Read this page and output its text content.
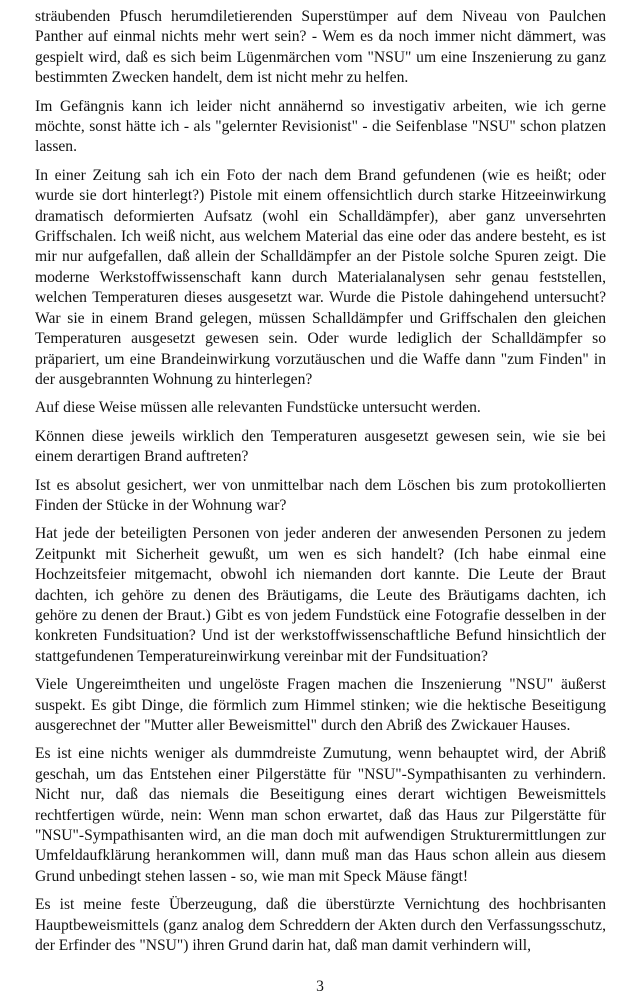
sträubenden Pfusch herumdiletierenden Superstümper auf dem Niveau von Paulchen Panther auf einmal nichts mehr wert sein? - Wem es da noch immer nicht dämmert, was gespielt wird, daß es sich beim Lügenmärchen vom "NSU" um eine Inszenierung zu ganz bestimmten Zwecken handelt, dem ist nicht mehr zu helfen.

Im Gefängnis kann ich leider nicht annähernd so investigativ arbeiten, wie ich gerne möchte, sonst hätte ich - als "gelernter Revisionist" - die Seifenblase "NSU" schon platzen lassen.

In einer Zeitung sah ich ein Foto der nach dem Brand gefundenen (wie es heißt; oder wurde sie dort hinterlegt?) Pistole mit einem offensichtlich durch starke Hitzeeinwirkung dramatisch deformierten Aufsatz (wohl ein Schalldämpfer), aber ganz unversehrten Griffschalen. Ich weiß nicht, aus welchem Material das eine oder das andere besteht, es ist mir nur aufgefallen, daß allein der Schalldämpfer an der Pistole solche Spuren zeigt. Die moderne Werkstoffwissenschaft kann durch Materialanalysen sehr genau feststellen, welchen Temperaturen dieses ausgesetzt war. Wurde die Pistole dahingehend untersucht? War sie in einem Brand gelegen, müssen Schalldämpfer und Griffschalen den gleichen Temperaturen ausgesetzt gewesen sein. Oder wurde lediglich der Schalldämpfer so präpariert, um eine Brandeinwirkung vorzutäuschen und die Waffe dann "zum Finden" in der ausgebrannten Wohnung zu hinterlegen?

Auf diese Weise müssen alle relevanten Fundstücke untersucht werden.

Können diese jeweils wirklich den Temperaturen ausgesetzt gewesen sein, wie sie bei einem derartigen Brand auftreten?

Ist es absolut gesichert, wer von unmittelbar nach dem Löschen bis zum protokollierten Finden der Stücke in der Wohnung war?

Hat jede der beteiligten Personen von jeder anderen der anwesenden Personen zu jedem Zeitpunkt mit Sicherheit gewußt, um wen es sich handelt? (Ich habe einmal eine Hochzeitsfeier mitgemacht, obwohl ich niemanden dort kannte. Die Leute der Braut dachten, ich gehöre zu denen des Bräutigams, die Leute des Bräutigams dachten, ich gehöre zu denen der Braut.) Gibt es von jedem Fundstück eine Fotografie desselben in der konkreten Fundsituation? Und ist der werkstoffwissenschaftliche Befund hinsichtlich der stattgefundenen Temperatureinwirkung vereinbar mit der Fundsituation?

Viele Ungereimtheiten und ungelöste Fragen machen die Inszenierung "NSU" äußerst suspekt. Es gibt Dinge, die förmlich zum Himmel stinken; wie die hektische Beseitigung ausgerechnet der "Mutter aller Beweismittel" durch den Abriß des Zwickauer Hauses.

Es ist eine nichts weniger als dummdreiste Zumutung, wenn behauptet wird, der Abriß geschah, um das Entstehen einer Pilgerstätte für "NSU"-Sympathisanten zu verhindern. Nicht nur, daß das niemals die Beseitigung eines derart wichtigen Beweismittels rechtfertigen würde, nein: Wenn man schon erwartet, daß das Haus zur Pilgerstätte für "NSU"-Sympathisanten wird, an die man doch mit aufwendigen Strukturermittlungen zur Umfeldaufklärung herankommen will, dann muß man das Haus schon allein aus diesem Grund unbedingt stehen lassen - so, wie man mit Speck Mäuse fängt!

Es ist meine feste Überzeugung, daß die überstürzte Vernichtung des hochbrisanten Hauptbeweismittels (ganz analog dem Schreddern der Akten durch den Verfassungsschutz, der Erfinder des "NSU") ihren Grund darin hat, daß man damit verhindern will,

3
